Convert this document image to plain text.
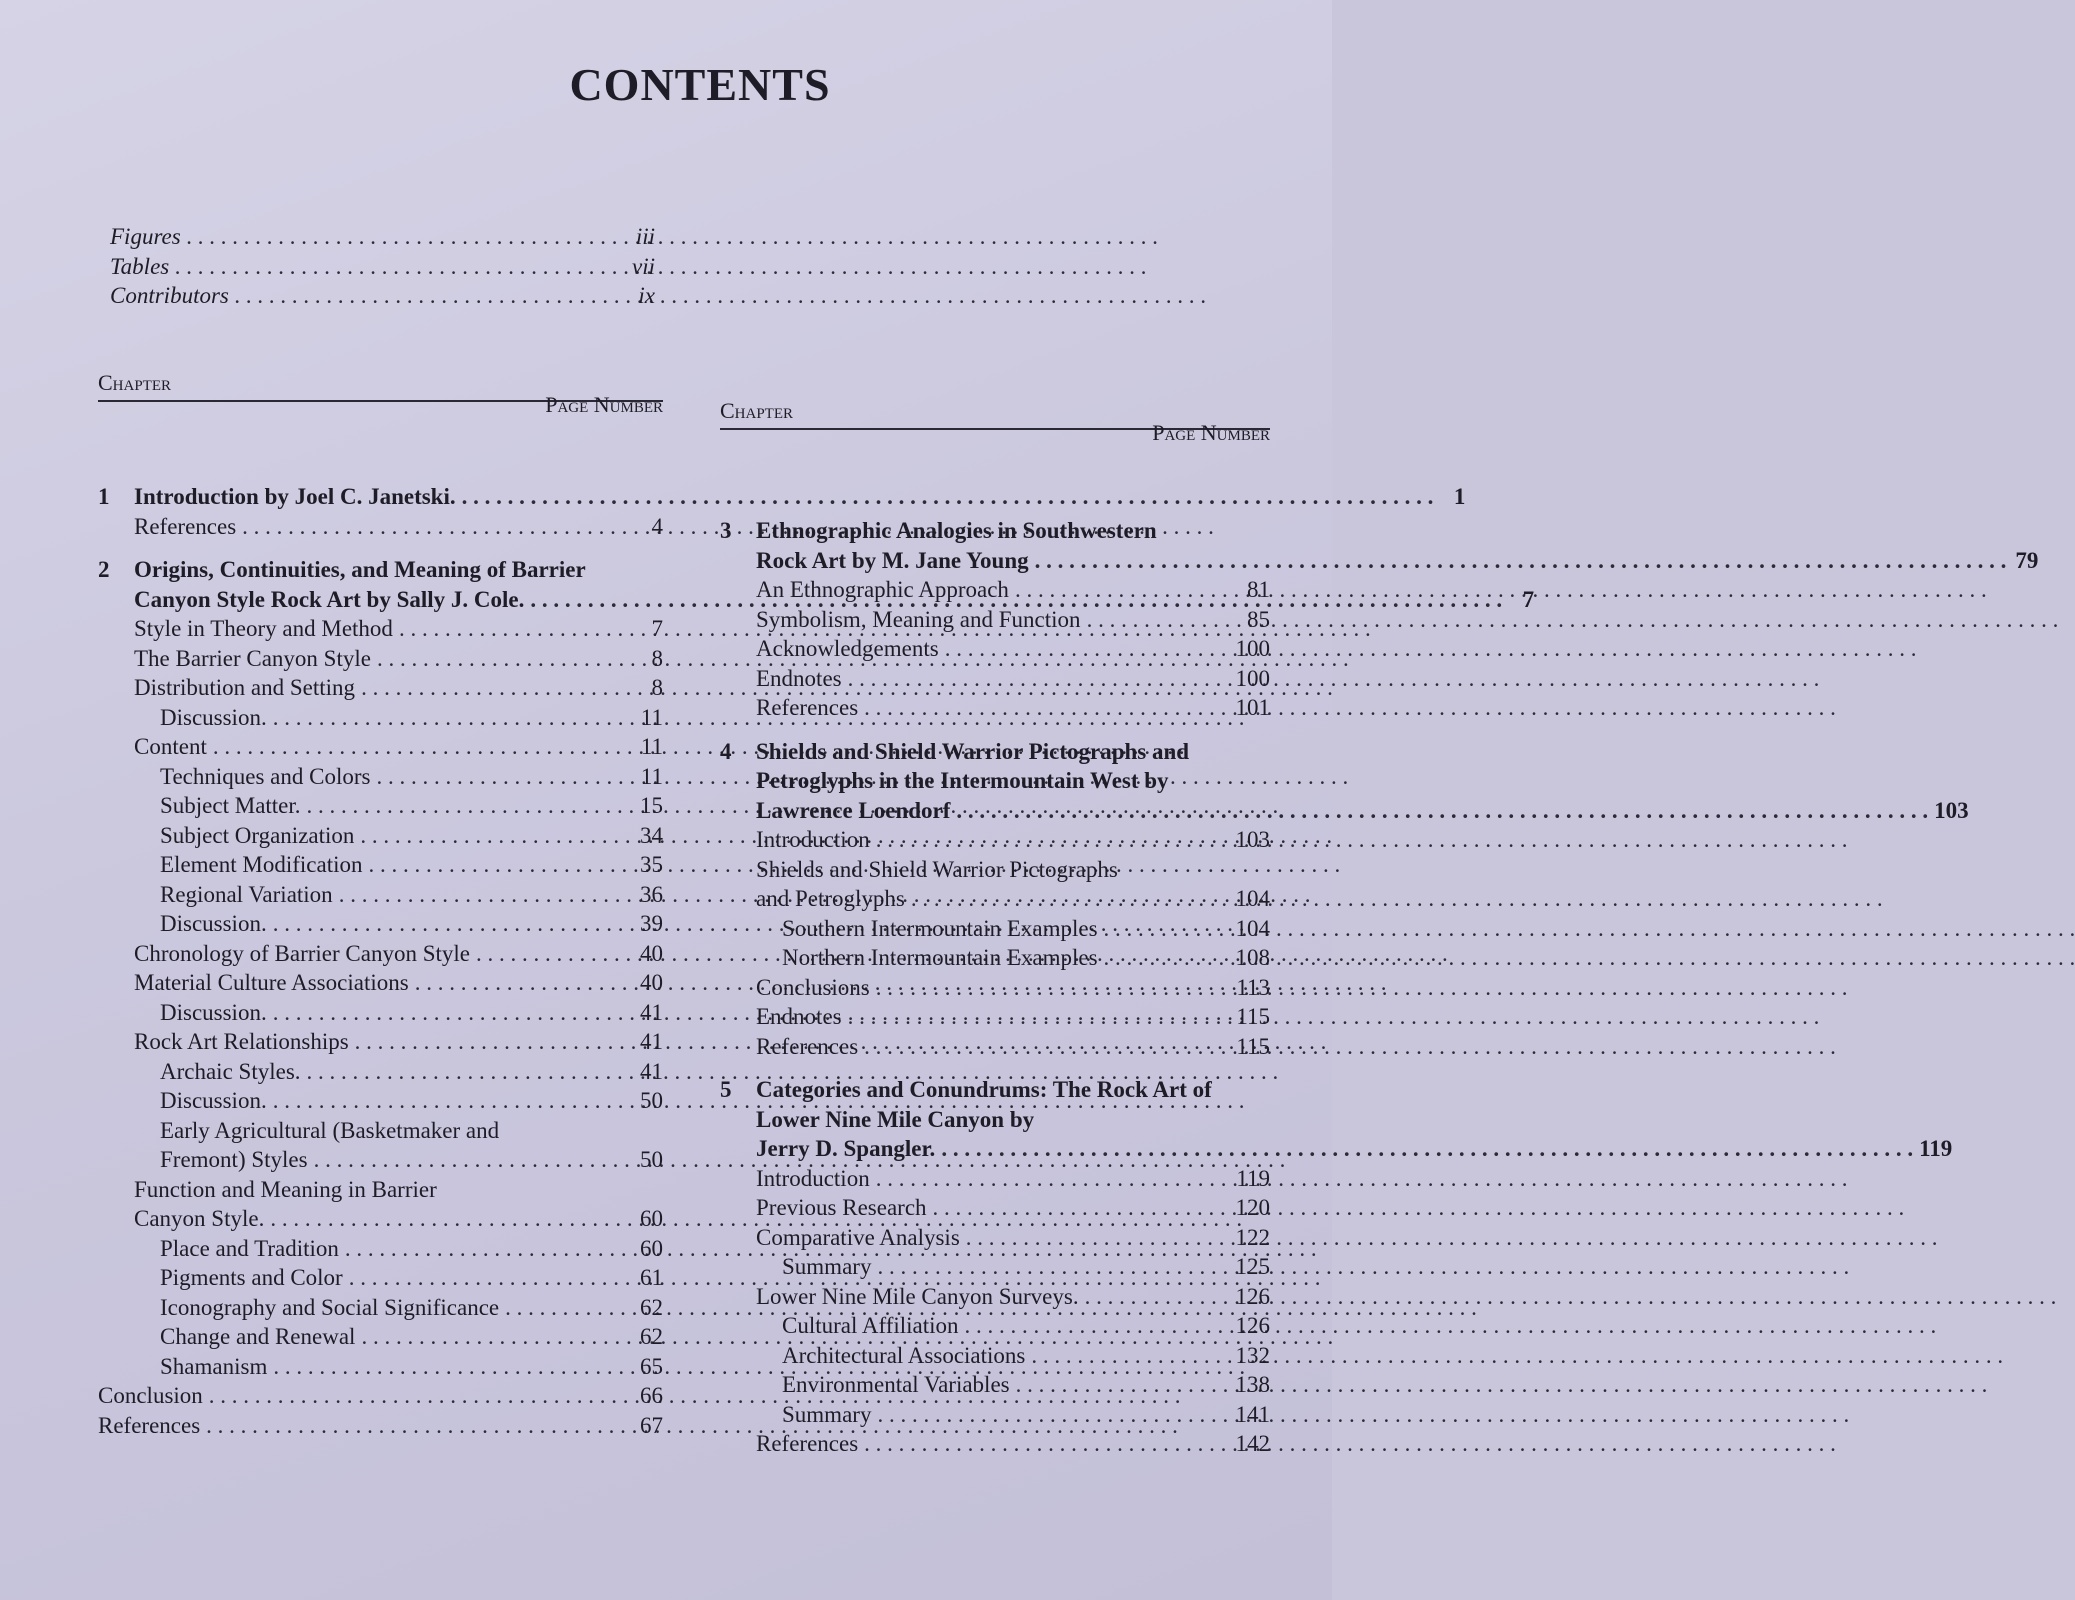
CONTENTS
Figures . . .	iii
Tables . . .	vii
Contributors . . .	ix
Chapter
Page Number
1	Introduction by Joel C. Janetski. . . .	1
References . . .	4
2	Origins, Continuities, and Meaning of Barrier
Canyon Style Rock Art by Sally J. Cole. . . .	7
Style in Theory and Method . . .	7
The Barrier Canyon Style . . .	8
Distribution and Setting . . .	8
Discussion. . . .	11
Content . . .	11
Techniques and Colors . . .	11
Subject Matter. . . .	15
Subject Organization . . .	34
Element Modification . . .	35
Regional Variation . . .	36
Discussion. . . .	39
Chronology of Barrier Canyon Style . . .	40
Material Culture Associations . . .	40
Discussion. . . .	41
Rock Art Relationships . . .	41
Archaic Styles. . . .	41
Discussion. . . .	50
Early Agricultural (Basketmaker and
Fremont) Styles . . .	50
Function and Meaning in Barrier
Canyon Style. . . .	60
Place and Tradition . . .	60
Pigments and Color . . .	61
Iconography and Social Significance . . .	62
Change and Renewal . . .	62
Shamanism . . .	65
Conclusion . . .	66
References . . .	67
Chapter
Page Number
3	Ethnographic Analogies in Southwestern
Rock Art by M. Jane Young . . .	79
An Ethnographic Approach . . .	81
Symbolism, Meaning and Function . . .	85
Acknowledgements . . .	100
Endnotes . . .	100
References . . .	101
4	Shields and Shield Warrior Pictographs and
Petroglyphs in the Intermountain West by
Lawrence Loendorf . . .	103
Introduction . . .	103
Shields and Shield Warrior Pictographs
and Petroglyphs . . .	104
Southern Intermountain Examples . . .	104
Northern Intermountain Examples . . .	108
Conclusions . . .	113
Endnotes . . .	115
References . . .	115
5	Categories and Conundrums: The Rock Art of
Lower Nine Mile Canyon by
Jerry D. Spangler. . . .	119
Introduction . . .	119
Previous Research . . .	120
Comparative Analysis . . .	122
Summary . . .	125
Lower Nine Mile Canyon Surveys. . . .	126
Cultural Affiliation . . .	126
Architectural Associations . . .	132
Environmental Variables . . .	138
Summary . . .	141
References . . .	142
